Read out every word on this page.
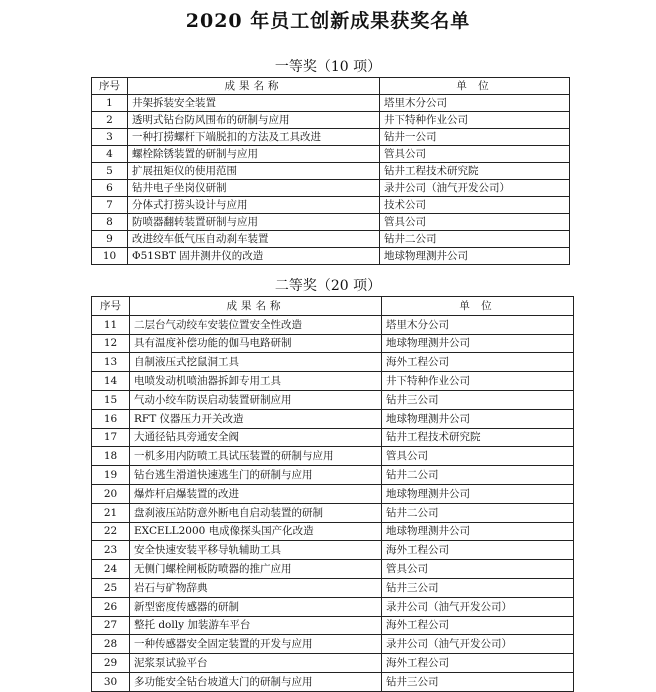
2020 年员工创新成果获奖名单
一等奖（10 项）
序号	成果名称	单 位
1	井架拆装安全装置	塔里木分公司
2	透明式钻台防风围布的研制与应用	井下特种作业公司
3	一种打捞螺杆下端脱扣的方法及工具改进	钻井一公司
4	螺栓除锈装置的研制与应用	管具公司
5	扩展扭矩仪的使用范围	钻井工程技术研究院
6	钻井电子坐岗仪研制	录井公司（油气开发公司）
7	分体式打捞头设计与应用	技术公司
8	防喷器翻转装置研制与应用	管具公司
9	改进绞车低气压自动刹车装置	钻井二公司
10	Φ51SBT 固井测井仪的改造	地球物理测井公司
二等奖（20 项）
序号	成果名称	单 位
11	二层台气动绞车安装位置安全性改造	塔里木分公司
12	具有温度补偿功能的伽马电路研制	地球物理测井公司
13	自制液压式挖鼠洞工具	海外工程公司
14	电喷发动机喷油器拆卸专用工具	井下特种作业公司
15	气动小绞车防误启动装置研制应用	钻井三公司
16	RFT 仪器压力开关改造	地球物理测井公司
17	大通径钻具旁通安全阀	钻井工程技术研究院
18	一机多用内防喷工具试压装置的研制与应用	管具公司
19	钻台逃生滑道快速逃生门的研制与应用	钻井二公司
20	爆炸杆启爆装置的改进	地球物理测井公司
21	盘刹液压站防意外断电自启动装置的研制	钻井二公司
22	EXCELL2000 电成像探头国产化改造	地球物理测井公司
23	安全快速安装平移导轨辅助工具	海外工程公司
24	无侧门螺栓闸板防喷器的推广应用	管具公司
25	岩石与矿物辞典	钻井三公司
26	新型密度传感器的研制	录井公司（油气开发公司）
27	整托 dolly 加装游车平台	海外工程公司
28	一种传感器安全固定装置的开发与应用	录井公司（油气开发公司）
29	泥浆泵试验平台	海外工程公司
30	多功能安全钻台坡道大门的研制与应用	钻井三公司
